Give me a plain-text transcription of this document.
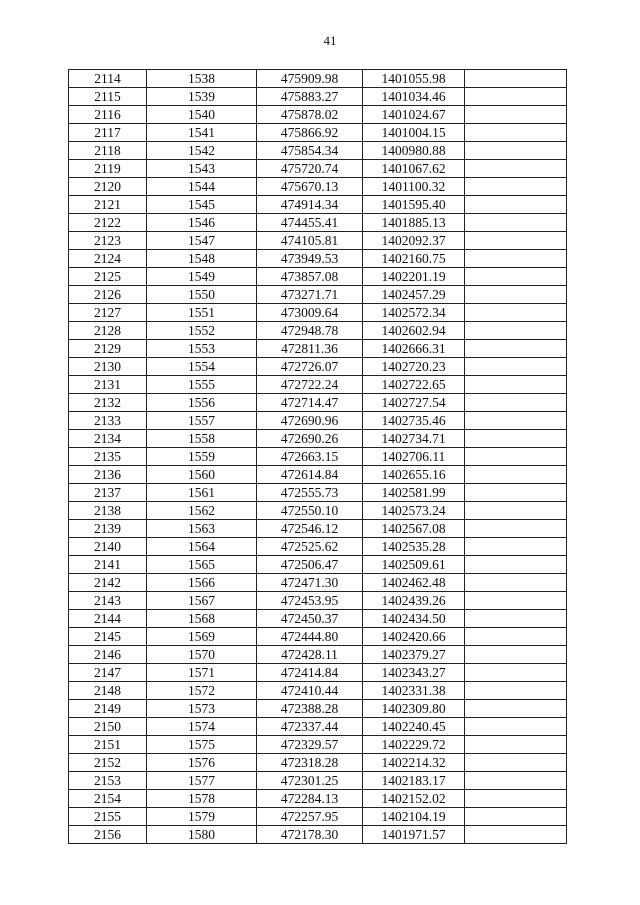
41
2114	1538	475909.98	1401055.98	
2115	1539	475883.27	1401034.46	
2116	1540	475878.02	1401024.67	
2117	1541	475866.92	1401004.15	
2118	1542	475854.34	1400980.88	
2119	1543	475720.74	1401067.62	
2120	1544	475670.13	1401100.32	
2121	1545	474914.34	1401595.40	
2122	1546	474455.41	1401885.13	
2123	1547	474105.81	1402092.37	
2124	1548	473949.53	1402160.75	
2125	1549	473857.08	1402201.19	
2126	1550	473271.71	1402457.29	
2127	1551	473009.64	1402572.34	
2128	1552	472948.78	1402602.94	
2129	1553	472811.36	1402666.31	
2130	1554	472726.07	1402720.23	
2131	1555	472722.24	1402722.65	
2132	1556	472714.47	1402727.54	
2133	1557	472690.96	1402735.46	
2134	1558	472690.26	1402734.71	
2135	1559	472663.15	1402706.11	
2136	1560	472614.84	1402655.16	
2137	1561	472555.73	1402581.99	
2138	1562	472550.10	1402573.24	
2139	1563	472546.12	1402567.08	
2140	1564	472525.62	1402535.28	
2141	1565	472506.47	1402509.61	
2142	1566	472471.30	1402462.48	
2143	1567	472453.95	1402439.26	
2144	1568	472450.37	1402434.50	
2145	1569	472444.80	1402420.66	
2146	1570	472428.11	1402379.27	
2147	1571	472414.84	1402343.27	
2148	1572	472410.44	1402331.38	
2149	1573	472388.28	1402309.80	
2150	1574	472337.44	1402240.45	
2151	1575	472329.57	1402229.72	
2152	1576	472318.28	1402214.32	
2153	1577	472301.25	1402183.17	
2154	1578	472284.13	1402152.02	
2155	1579	472257.95	1402104.19	
2156	1580	472178.30	1401971.57	
